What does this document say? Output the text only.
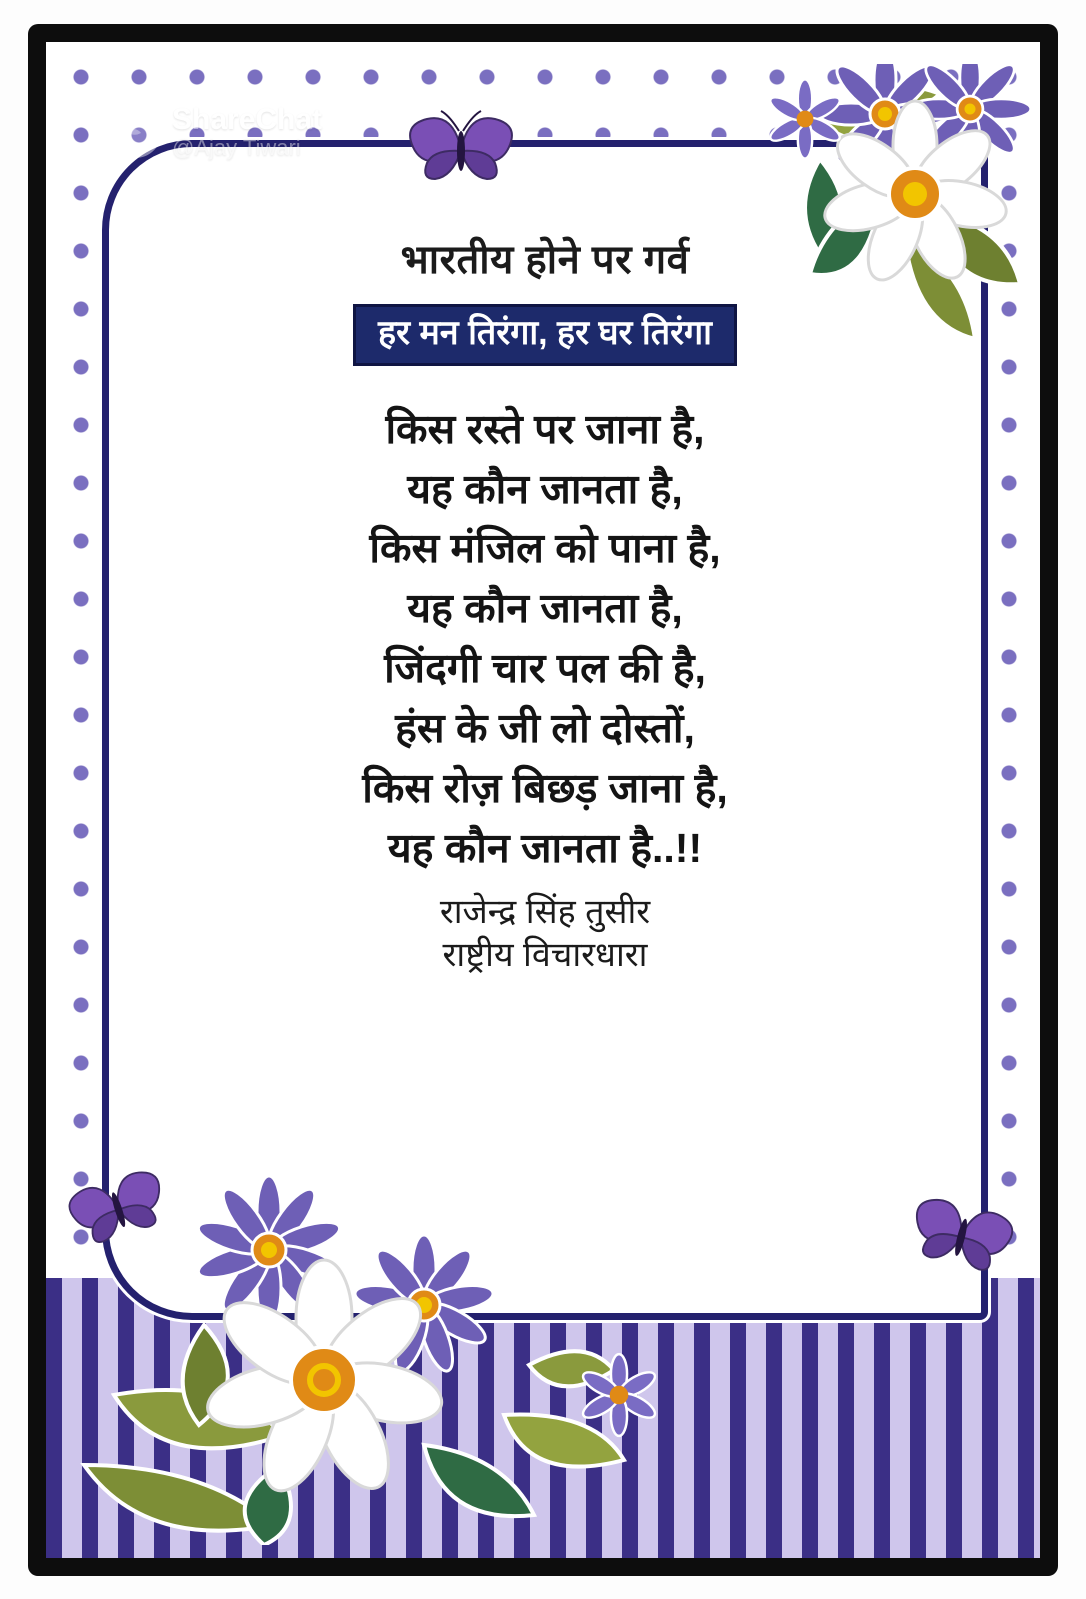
भारतीय होने पर गर्व
हर मन तिरंगा, हर घर तिरंगा
किस रस्ते पर जाना है,
यह कौन जानता है,
किस मंजिल को पाना है,
यह कौन जानता है,
जिंदगी चार पल की है,
हंस के जी लो दोस्तों,
किस रोज़ बिछड़ जाना है,
यह कौन जानता है..!!
राजेन्द्र सिंह तुसीर
राष्ट्रीय विचारधारा
ShareChat
@Ajay Tiwari
